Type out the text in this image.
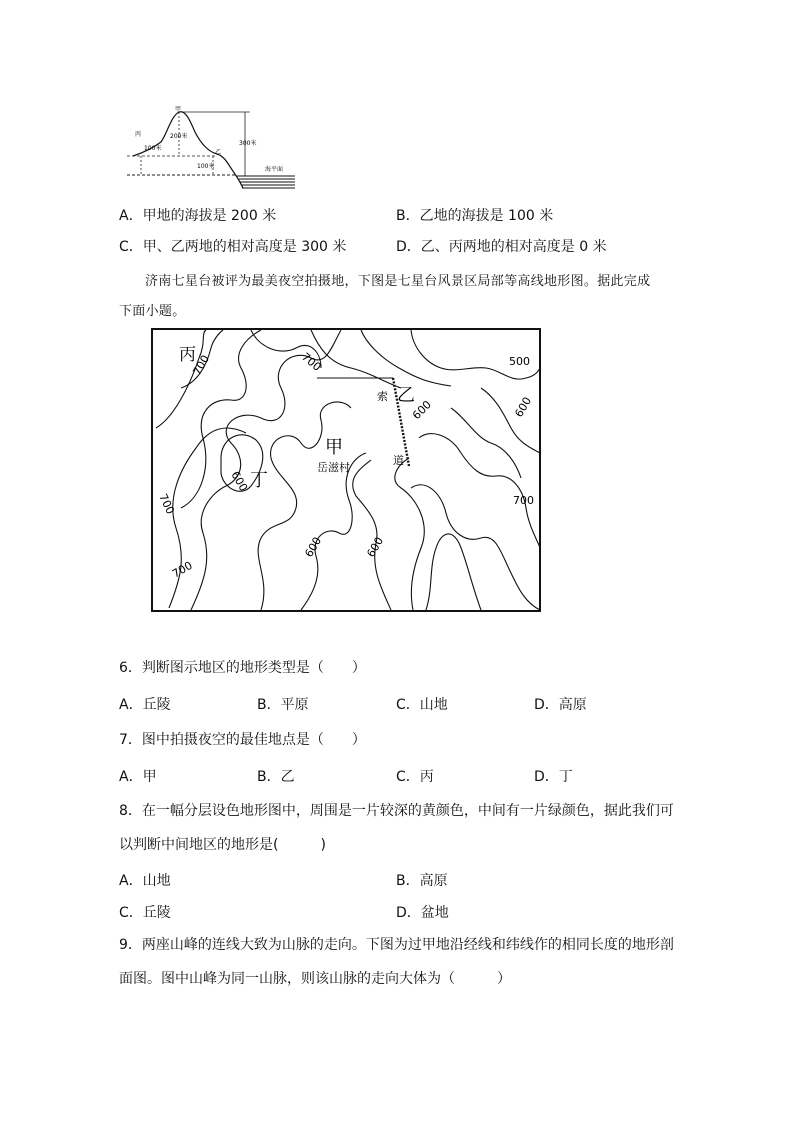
甲
丙
乙
200米
100米
100米
300米
海平面
A．甲地的海拔是 200 米	B．乙地的海拔是 100 米
C．甲、乙两地的相对高度是 300 米	D．乙、丙两地的相对高度是 0 米
济南七星台被评为最美夜空拍摄地，下图是七星台风景区局部等高线地形图。据此完成
下面小题。
丙
乙
甲
丁
岳滋村
索
道
500
600
600
600	600
600
700
700
700
700
700
6．判断图示地区的地形类型是（　　）
A．丘陵	B．平原	C．山地	D．高原
7．图中拍摄夜空的最佳地点是（　　）
A．甲	B．乙	C．丙	D．丁
8．在一幅分层设色地形图中，周围是一片较深的黄颜色，中间有一片绿颜色，据此我们可
以判断中间地区的地形是(　　　)
A．山地	B．高原
C．丘陵	D．盆地
9．两座山峰的连线大致为山脉的走向。下图为过甲地沿经线和纬线作的相同长度的地形剖
面图。图中山峰为同一山脉，则该山脉的走向大体为（　　　）
